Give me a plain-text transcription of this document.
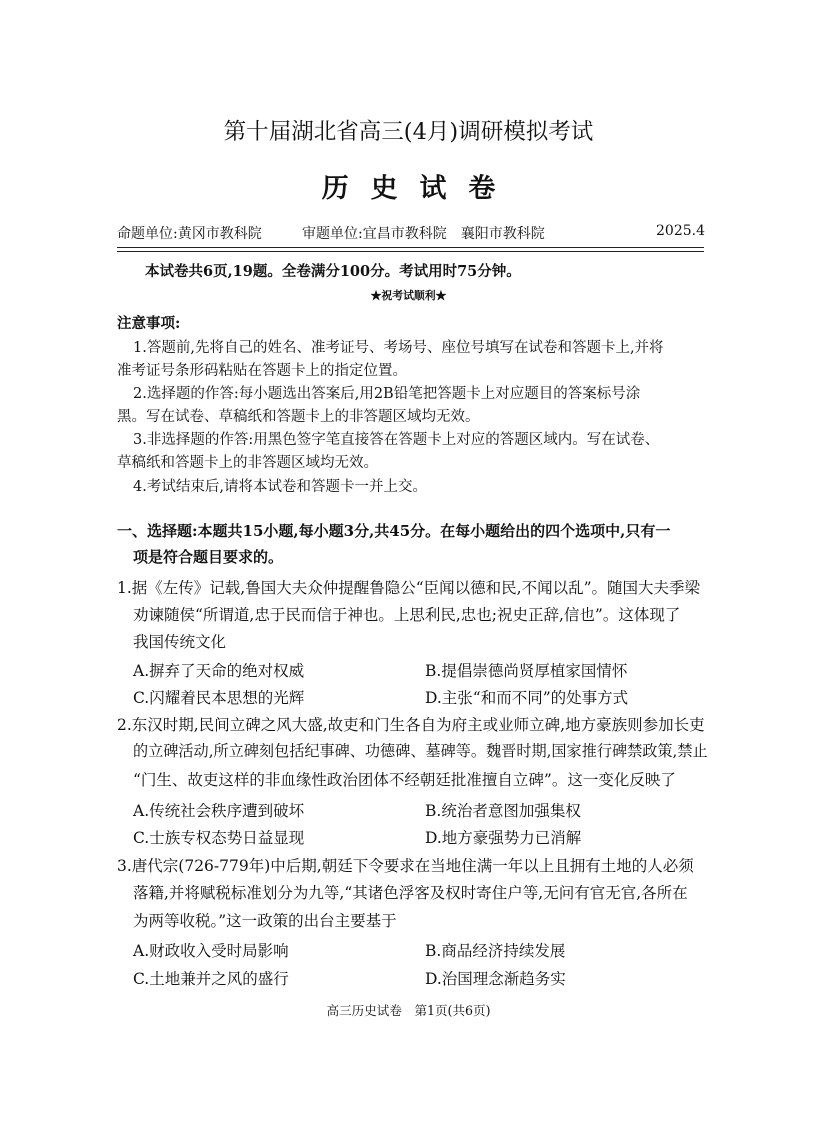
第十届湖北省高三(4月)调研模拟考试
历史试卷
命题单位:黄冈市教科院	审题单位:宜昌市教科院　襄阳市教科院	2025.4
本试卷共6页,19题。全卷满分100分。考试用时75分钟。
★祝考试顺利★
注意事项:
1.答题前,先将自己的姓名、准考证号、考场号、座位号填写在试卷和答题卡上,并将
准考证号条形码粘贴在答题卡上的指定位置。
2.选择题的作答:每小题选出答案后,用2B铅笔把答题卡上对应题目的答案标号涂
黑。写在试卷、草稿纸和答题卡上的非答题区域均无效。
3.非选择题的作答:用黑色签字笔直接答在答题卡上对应的答题区域内。写在试卷、
草稿纸和答题卡上的非答题区域均无效。
4.考试结束后,请将本试卷和答题卡一并上交。
一、选择题:本题共15小题,每小题3分,共45分。在每小题给出的四个选项中,只有一
项是符合题目要求的。
1.据《左传》记载,鲁国大夫众仲提醒鲁隐公“臣闻以德和民,不闻以乱”。随国大夫季梁
劝谏随侯“所谓道,忠于民而信于神也。上思利民,忠也;祝史正辞,信也”。这体现了
我国传统文化
A.摒弃了天命的绝对权威	B.提倡崇德尚贤厚植家国情怀
C.闪耀着民本思想的光辉	D.主张“和而不同”的处事方式
2.东汉时期,民间立碑之风大盛,故吏和门生各自为府主或业师立碑,地方豪族则参加长吏
的立碑活动,所立碑刻包括纪事碑、功德碑、墓碑等。魏晋时期,国家推行碑禁政策,禁止
“门生、故吏这样的非血缘性政治团体不经朝廷批准擅自立碑”。这一变化反映了
A.传统社会秩序遭到破坏	B.统治者意图加强集权
C.士族专权态势日益显现	D.地方豪强势力已消解
3.唐代宗(726-779年)中后期,朝廷下令要求在当地住满一年以上且拥有土地的人必须
落籍,并将赋税标准划分为九等,“其诸色浮客及权时寄住户等,无问有官无官,各所在
为两等收税。”这一政策的出台主要基于
A.财政收入受时局影响	B.商品经济持续发展
C.土地兼并之风的盛行	D.治国理念渐趋务实
高三历史试卷　第1页(共6页)
